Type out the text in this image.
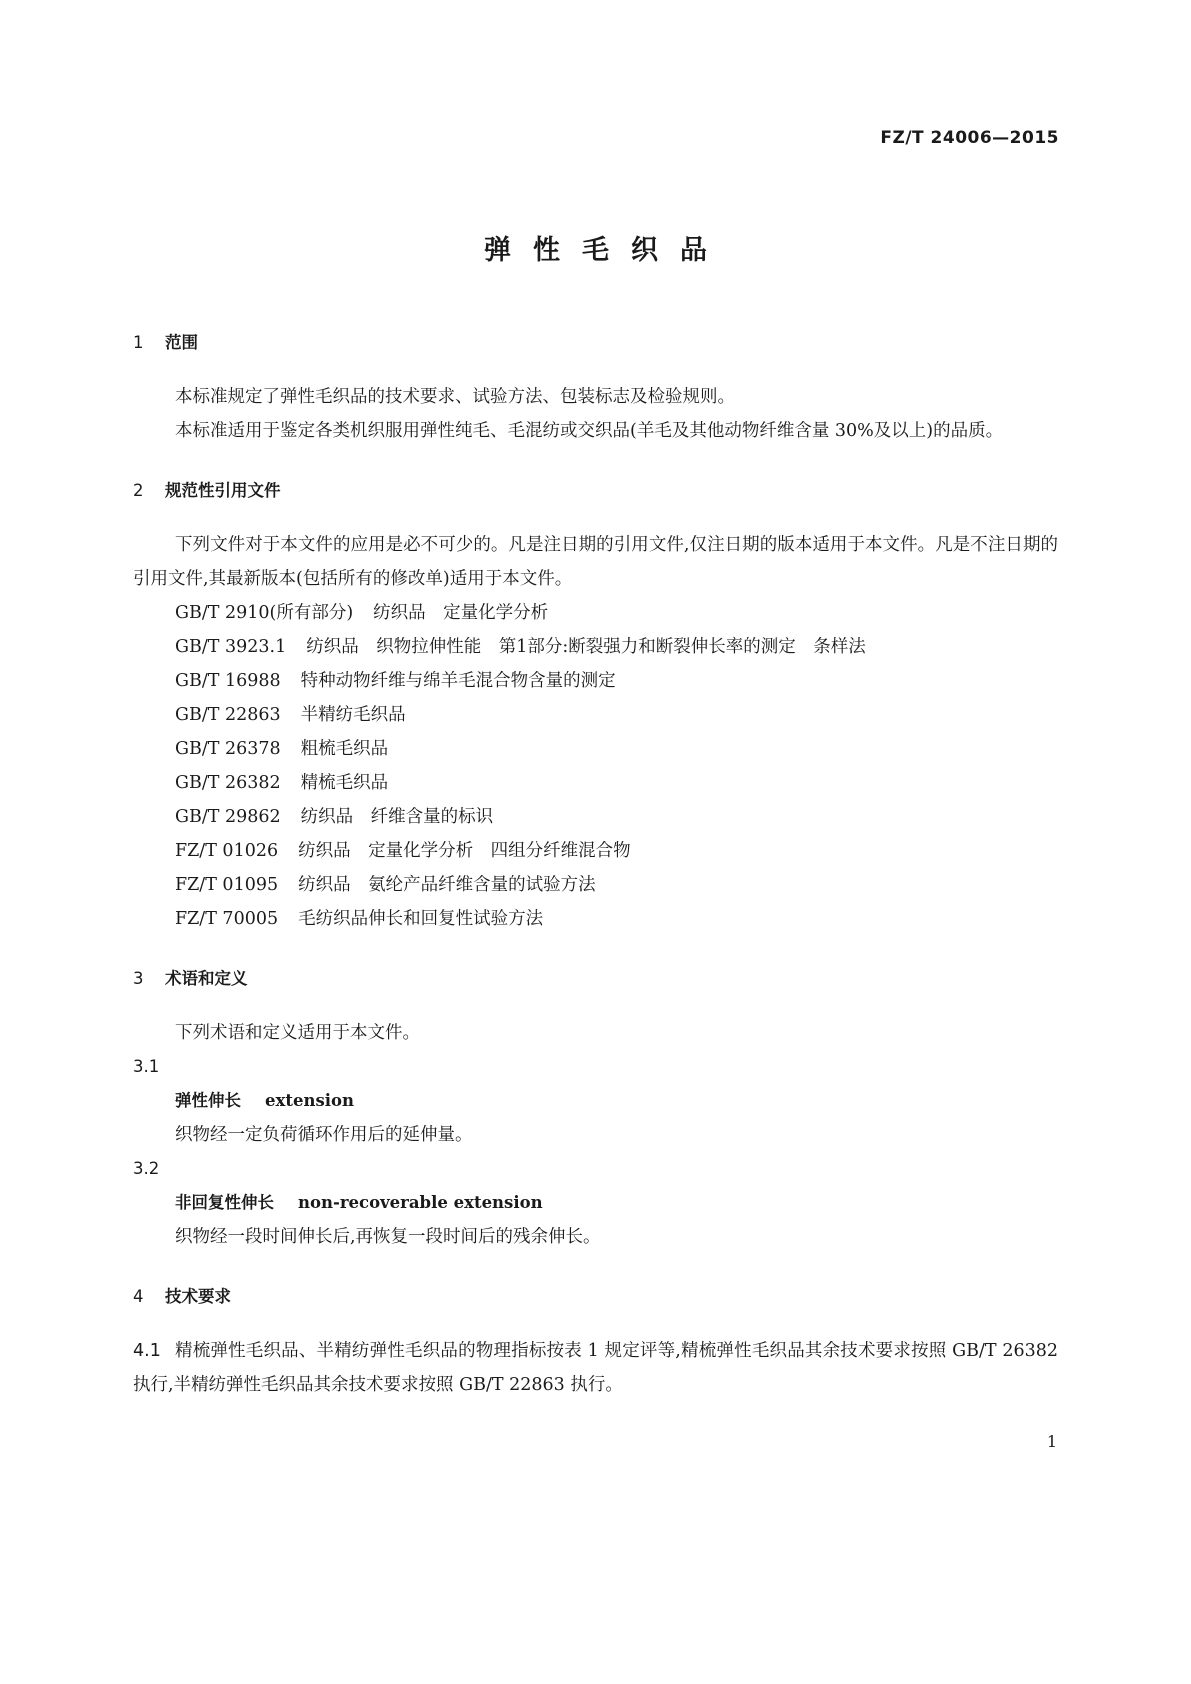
FZ/T 24006—2015
弹性毛织品

1 范围

本标准规定了弹性毛织品的技术要求、试验方法、包装标志及检验规则。

本标准适用于鉴定各类机织服用弹性纯毛、毛混纺或交织品(羊毛及其他动物纤维含量 30%及以上)的品质。

2 规范性引用文件

下列文件对于本文件的应用是必不可少的。凡是注日期的引用文件,仅注日期的版本适用于本文件。凡是不注日期的引用文件,其最新版本(包括所有的修改单)适用于本文件。

GB/T 2910(所有部分) 纺织品　定量化学分析

GB/T 3923.1 纺织品　织物拉伸性能　第1部分:断裂强力和断裂伸长率的测定　条样法

GB/T 16988 特种动物纤维与绵羊毛混合物含量的测定

GB/T 22863 半精纺毛织品

GB/T 26378 粗梳毛织品

GB/T 26382 精梳毛织品

GB/T 29862 纺织品　纤维含量的标识

FZ/T 01026 纺织品　定量化学分析　四组分纤维混合物

FZ/T 01095 纺织品　氨纶产品纤维含量的试验方法

FZ/T 70005 毛纺织品伸长和回复性试验方法

3 术语和定义

下列术语和定义适用于本文件。

3.1

弹性伸长 extension

织物经一定负荷循环作用后的延伸量。

3.2

非回复性伸长 non-recoverable extension

织物经一段时间伸长后,再恢复一段时间后的残余伸长。

4 技术要求

4.1 精梳弹性毛织品、半精纺弹性毛织品的物理指标按表 1 规定评等,精梳弹性毛织品其余技术要求按照 GB/T 26382 执行,半精纺弹性毛织品其余技术要求按照 GB/T 22863 执行。

1
